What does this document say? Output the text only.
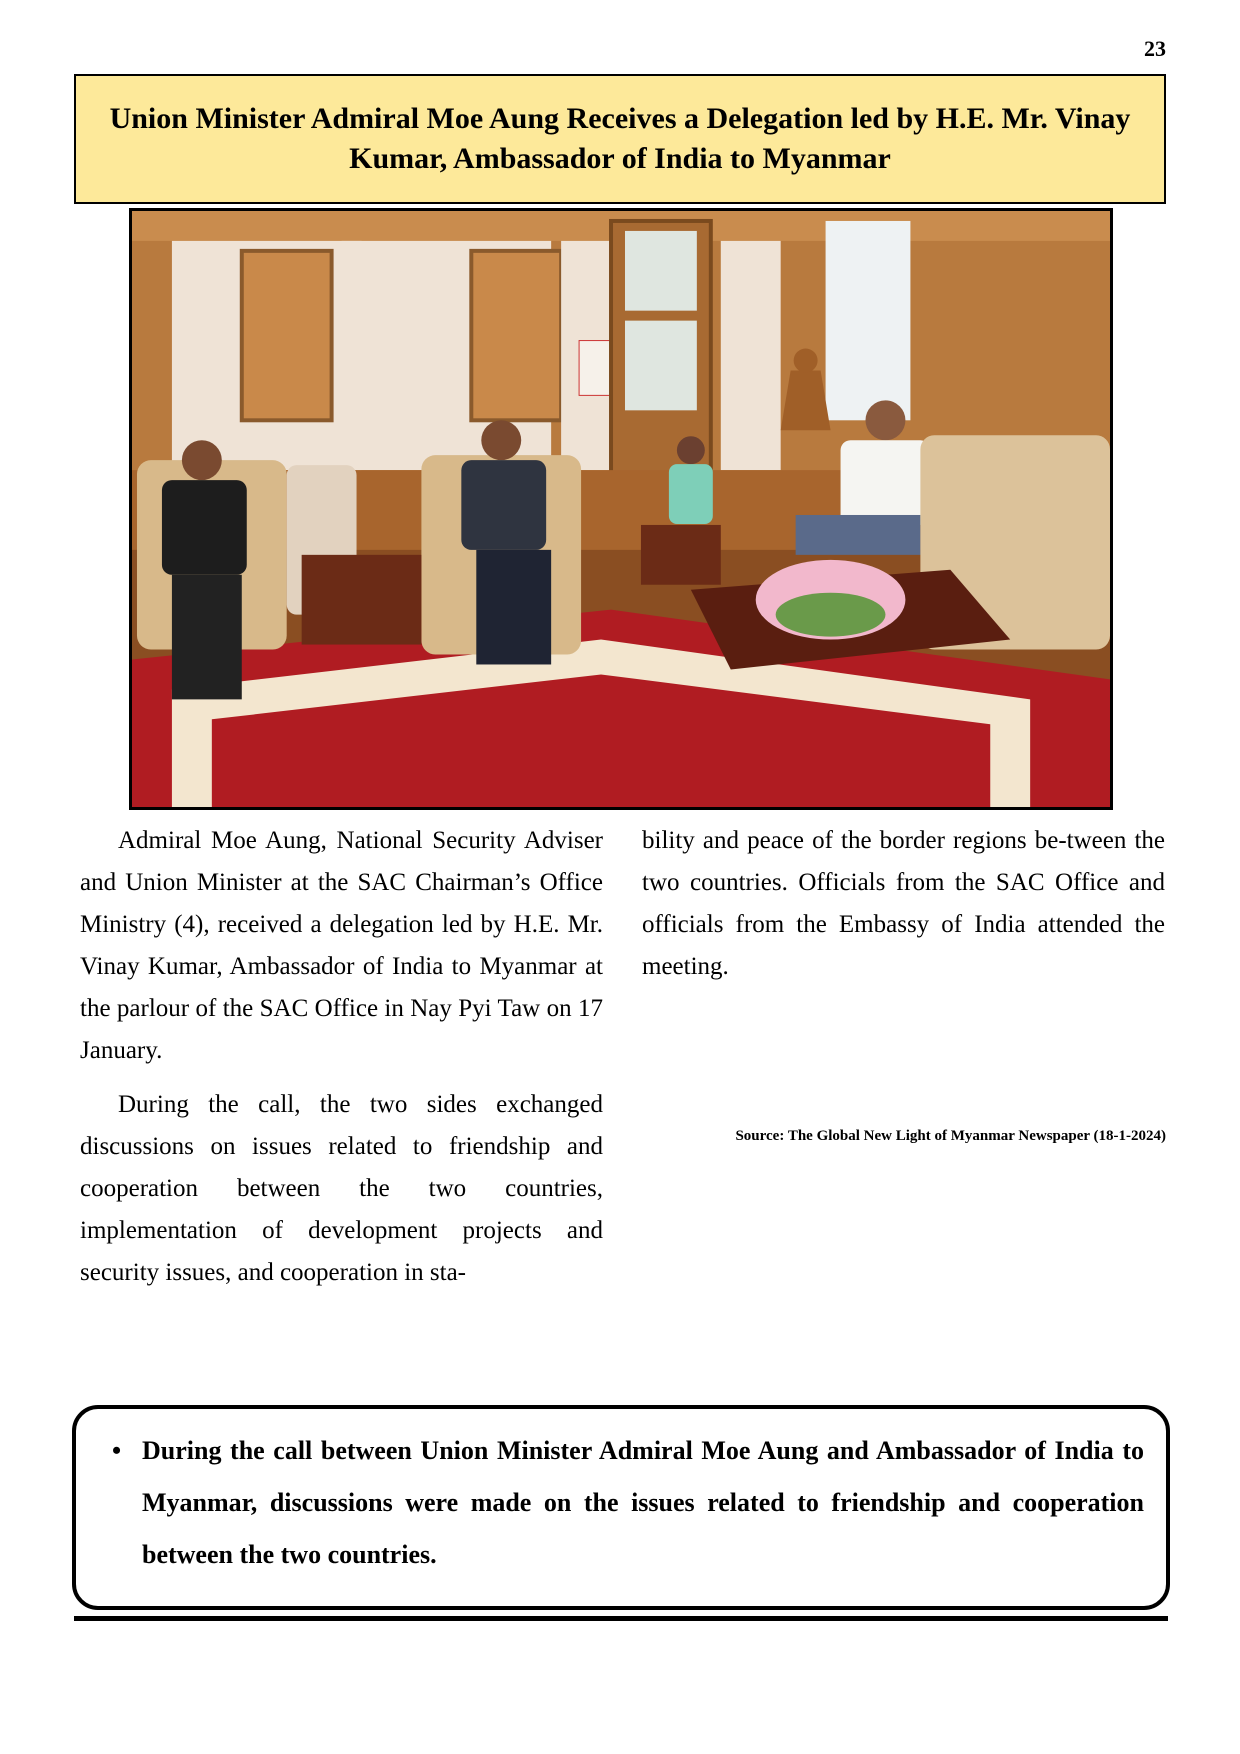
23
Union Minister Admiral Moe Aung Receives a Delegation led by H.E. Mr. Vinay Kumar, Ambassador of India to Myanmar

Admiral Moe Aung, National Security Adviser and Union Minister at the SAC Chairman’s Office Ministry (4), received a delegation led by H.E. Mr. Vinay Kumar, Ambassador of India to Myanmar at the parlour of the SAC Office in Nay Pyi Taw on 17 January.

During the call, the two sides exchanged discussions on issues related to friendship and cooperation between the two countries, implementation of development projects and security issues, and cooperation in sta-

bility and peace of the border regions be-tween the two countries. Officials from the SAC Office and officials from the Embassy of India attended the meeting.

Source: The Global New Light of Myanmar Newspaper (18-1-2024)
• During the call between Union Minister Admiral Moe Aung and Ambassador of India to Myanmar, discussions were made on the issues related to friendship and cooperation between the two countries.
